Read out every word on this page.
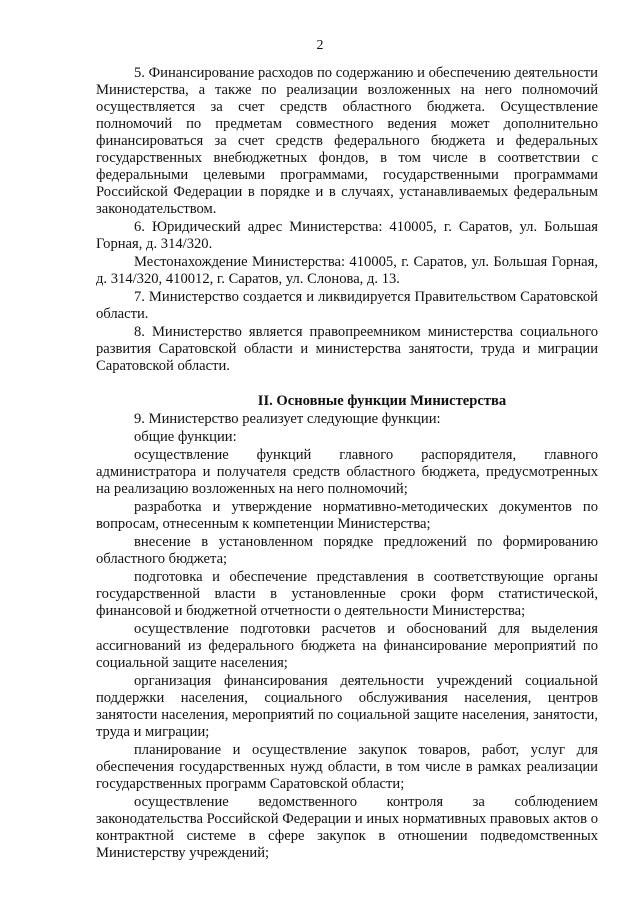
2

5. Финансирование расходов по содержанию и обеспечению деятельности Министерства, а также по реализации возложенных на него полномочий осуществляется за счет средств областного бюджета. Осуществление полномочий по предметам совместного ведения может дополнительно финансироваться за счет средств федерального бюджета и федеральных государственных внебюджетных фондов, в том числе в соответствии с федеральными целевыми программами, государственными программами Российской Федерации в порядке и в случаях, устанавливаемых федеральным законодательством.

6. Юридический адрес Министерства: 410005, г. Саратов, ул. Большая Горная, д. 314/320.

Местонахождение Министерства: 410005, г. Саратов, ул. Большая Горная, д. 314/320, 410012, г. Саратов, ул. Слонова, д. 13.

7. Министерство создается и ликвидируется Правительством Саратовской области.

8. Министерство является правопреемником министерства социального развития Саратовской области и министерства занятости, труда и миграции Саратовской области.

II. Основные функции Министерства

9. Министерство реализует следующие функции:

общие функции:

осуществление функций главного распорядителя, главного администратора и получателя средств областного бюджета, предусмотренных на реализацию возложенных на него полномочий;

разработка и утверждение нормативно-методических документов по вопросам, отнесенным к компетенции Министерства;

внесение в установленном порядке предложений по формированию областного бюджета;

подготовка и обеспечение представления в соответствующие органы государственной власти в установленные сроки форм статистической, финансовой и бюджетной отчетности о деятельности Министерства;

осуществление подготовки расчетов и обоснований для выделения ассигнований из федерального бюджета на финансирование мероприятий по социальной защите населения;

организация финансирования деятельности учреждений социальной поддержки населения, социального обслуживания населения, центров занятости населения, мероприятий по социальной защите населения, занятости, труда и миграции;

планирование и осуществление закупок товаров, работ, услуг для обеспечения государственных нужд области, в том числе в рамках реализации государственных программ Саратовской области;

осуществление ведомственного контроля за соблюдением законодательства Российской Федерации и иных нормативных правовых актов о контрактной системе в сфере закупок в отношении подведомственных Министерству учреждений;
